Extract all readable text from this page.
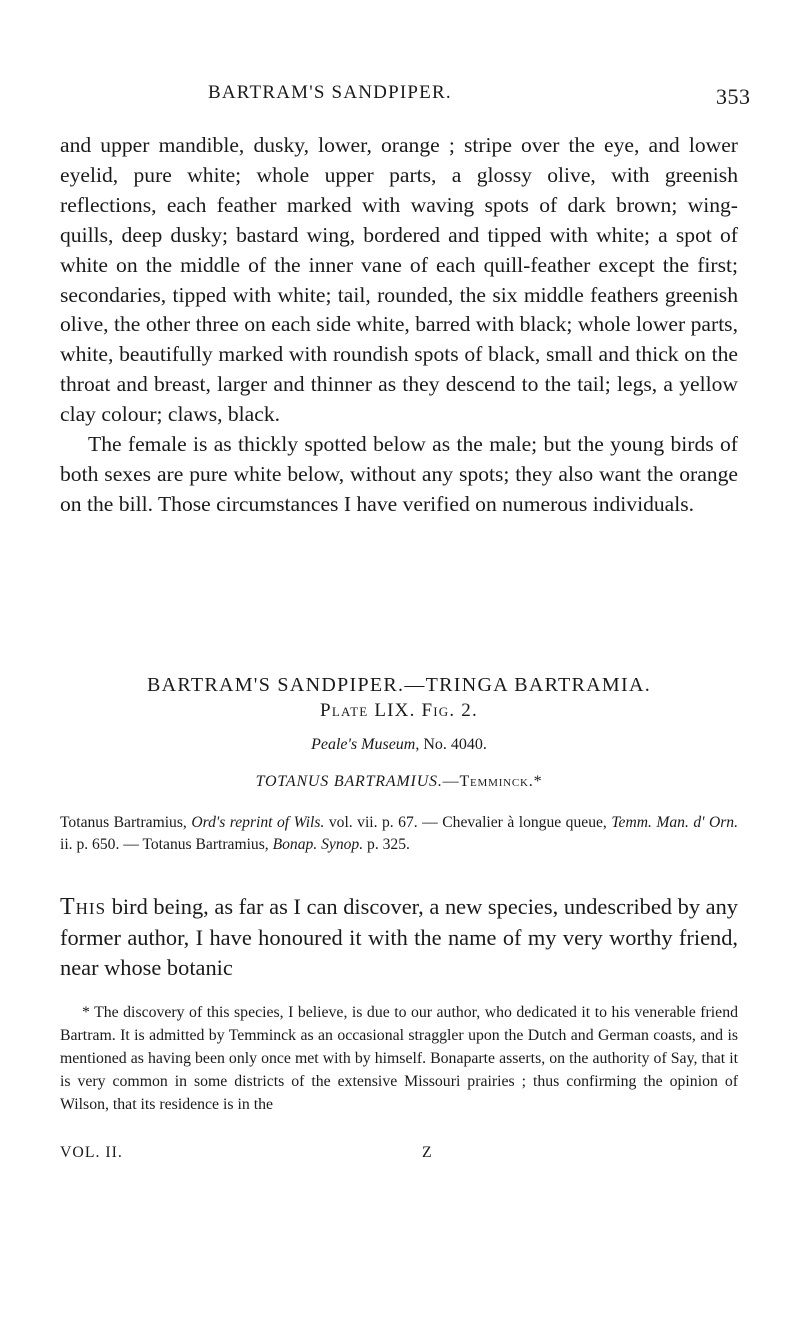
BARTRAM'S SANDPIPER.	353

and upper mandible, dusky, lower, orange ; stripe over the eye, and lower eyelid, pure white; whole upper parts, a glossy olive, with greenish reflections, each feather marked with waving spots of dark brown; wing-quills, deep dusky; bastard wing, bordered and tipped with white; a spot of white on the middle of the inner vane of each quill-feather except the first; secondaries, tipped with white; tail, rounded, the six middle feathers greenish olive, the other three on each side white, barred with black; whole lower parts, white, beautifully marked with roundish spots of black, small and thick on the throat and breast, larger and thinner as they descend to the tail; legs, a yellow clay colour; claws, black.

The female is as thickly spotted below as the male; but the young birds of both sexes are pure white below, without any spots; they also want the orange on the bill. Those circumstances I have verified on numerous individuals.

BARTRAM'S SANDPIPER.—TRINGA BARTRAMIA.
Plate LIX. Fig. 2.
Peale's Museum, No. 4040.
TOTANUS BARTRAMIUS.—Temminck.*
Totanus Bartramius, Ord's reprint of Wils. vol. vii. p. 67. — Chevalier à longue queue, Temm. Man. d' Orn. ii. p. 650. — Totanus Bartramius, Bonap. Synop. p. 325.
This bird being, as far as I can discover, a new species, undescribed by any former author, I have honoured it with the name of my very worthy friend, near whose botanic

* The discovery of this species, I believe, is due to our author, who dedicated it to his venerable friend Bartram. It is admitted by Temminck as an occasional straggler upon the Dutch and German coasts, and is mentioned as having been only once met with by himself. Bonaparte asserts, on the authority of Say, that it is very common in some districts of the extensive Missouri prairies ; thus confirming the opinion of Wilson, that its residence is in the

VOL. II.	Z
